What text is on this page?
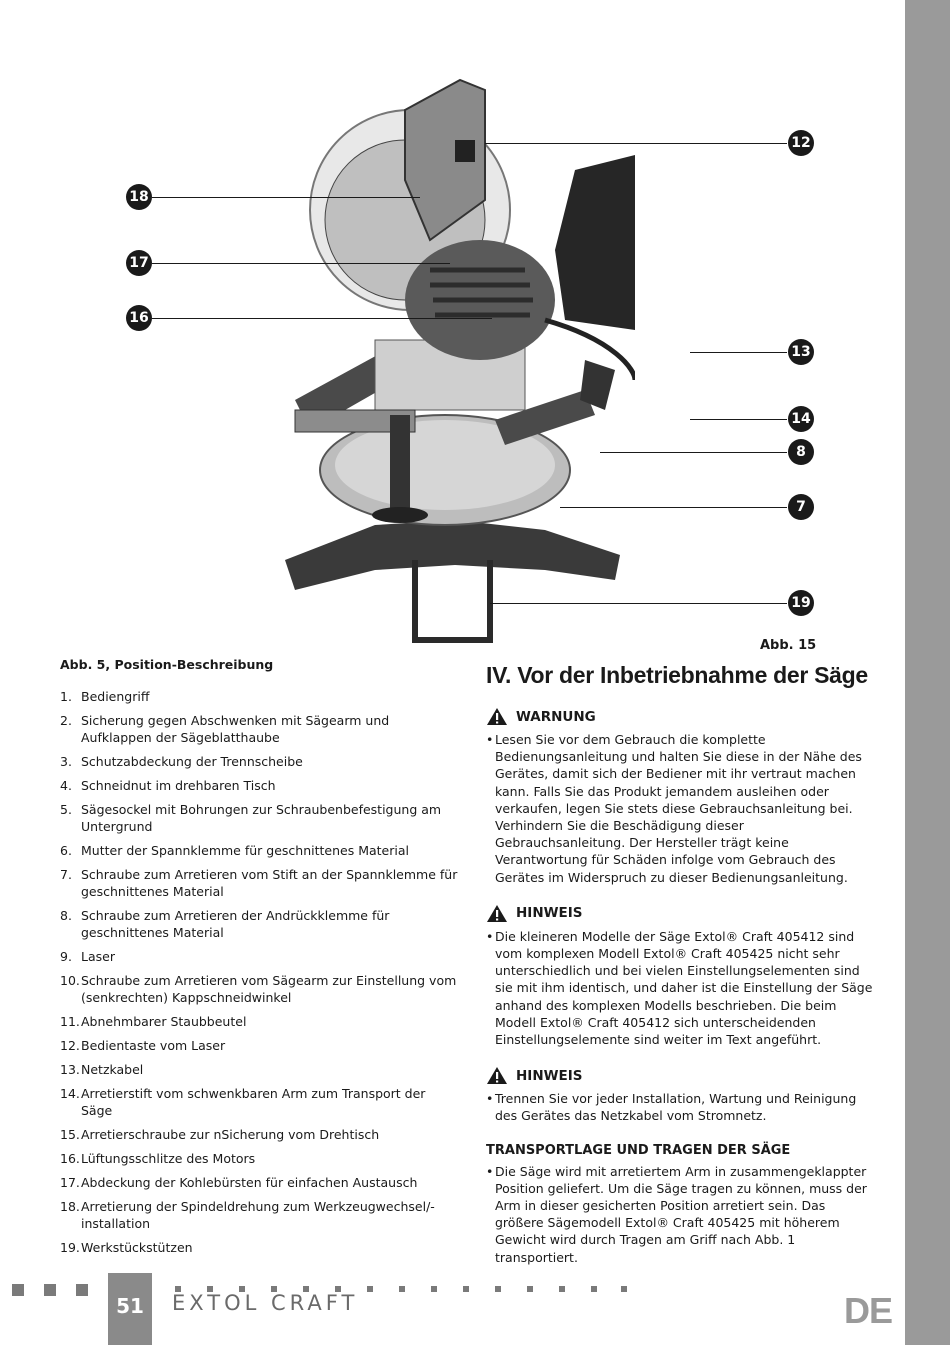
12
18
17
16
13
14
8
7
19
Abb. 15
Abb. 5, Position-Beschreibung
1. Bediengriff
2. Sicherung gegen Abschwenken mit Sägearm und Aufklappen der Sägeblatthaube
3. Schutzabdeckung der Trennscheibe
4. Schneidnut im drehbaren Tisch
5. Sägesockel mit Bohrungen zur Schraubenbefestigung am Untergrund
6. Mutter der Spannklemme für geschnittenes Material
7. Schraube zum Arretieren vom Stift an der Spannklemme für geschnittenes Material
8. Schraube zum Arretieren der Andrückklemme für geschnittenes Material
9. Laser
10. Schraube zum Arretieren vom Sägearm zur Einstellung vom (senkrechten) Kappschneidwinkel
11. Abnehmbarer Staubbeutel
12. Bedientaste vom Laser
13. Netzkabel
14. Arretierstift vom schwenkbaren Arm zum Transport der Säge
15. Arretierschraube zur nSicherung vom Drehtisch
16. Lüftungsschlitze des Motors
17. Abdeckung der Kohlebürsten für einfachen Austausch
18. Arretierung der Spindeldrehung zum Werkzeugwechsel/-installation
19. Werkstückstützen
IV. Vor der Inbetriebnahme der Säge
WARNUNG
• Lesen Sie vor dem Gebrauch die komplette Bedienungsanleitung und halten Sie diese in der Nähe des Gerätes, damit sich der Bediener mit ihr vertraut machen kann. Falls Sie das Produkt jemandem ausleihen oder verkaufen, legen Sie stets diese Gebrauchsanleitung bei. Verhindern Sie die Beschädigung dieser Gebrauchsanleitung. Der Hersteller trägt keine Verantwortung für Schäden infolge vom Gebrauch des Gerätes im Widerspruch zu dieser Bedienungsanleitung.
HINWEIS
• Die kleineren Modelle der Säge Extol® Craft 405412 sind vom komplexen Modell Extol® Craft 405425 nicht sehr unterschiedlich und bei vielen Einstellungselementen sind sie mit ihm identisch, und daher ist die Einstellung der Säge anhand des komplexen Modells beschrieben. Die beim Modell Extol® Craft 405412 sich unterscheidenden Einstellungselemente sind weiter im Text angeführt.
HINWEIS
• Trennen Sie vor jeder Installation, Wartung und Reinigung des Gerätes das Netzkabel vom Stromnetz.
TRANSPORTLAGE UND TRAGEN DER SÄGE
• Die Säge wird mit arretiertem Arm in zusammengeklappter Position geliefert. Um die Säge tragen zu können, muss der Arm in dieser gesicherten Position arretiert sein. Das größere Sägemodell Extol® Craft 405425 mit höherem Gewicht wird durch Tragen am Griff nach Abb. 1 transportiert.
51	EXTOL CRAFT	DE
